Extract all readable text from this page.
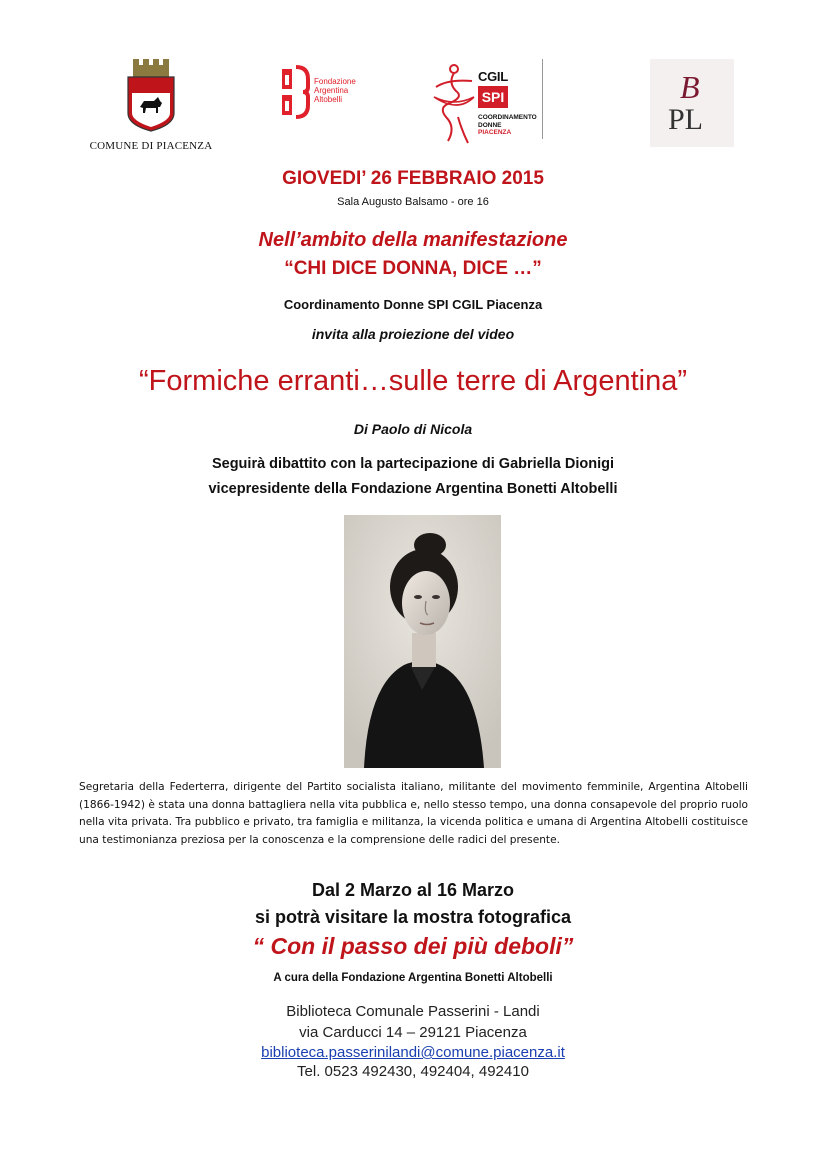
COMUNE DI PIACENZA
Fondazione
Argentina
Altobelli
CGIL
SPI
COORDINAMENTO
DONNE
PIACENZA
B
PL
GIOVEDI’ 26 FEBBRAIO 2015
Sala Augusto Balsamo - ore 16
Nell’ambito della manifestazione
“CHI DICE DONNA, DICE …”
Coordinamento Donne SPI CGIL Piacenza
invita alla proiezione del video
“Formiche erranti…sulle terre di Argentina”
Di Paolo di Nicola
Seguirà dibattito con la partecipazione di Gabriella Dionigi
vicepresidente della Fondazione Argentina Bonetti Altobelli
Segretaria della Federterra, dirigente del Partito socialista italiano, militante del movimento femminile, Argentina Altobelli (1866-1942) è stata una donna battagliera nella vita pubblica e, nello stesso tempo, una donna consapevole del proprio ruolo nella vita privata. Tra pubblico e privato, tra famiglia e militanza, la vicenda politica e umana di Argentina Altobelli costituisce una testimonianza preziosa per la conoscenza e la comprensione delle radici del presente.
Dal 2 Marzo al 16 Marzo
si potrà visitare la mostra fotografica
“ Con il passo dei più deboli”
A cura della Fondazione Argentina Bonetti Altobelli
Biblioteca Comunale Passerini - Landi
via Carducci 14 – 29121 Piacenza
biblioteca.passerinilandi@comune.piacenza.it
Tel. 0523 492430, 492404, 492410
